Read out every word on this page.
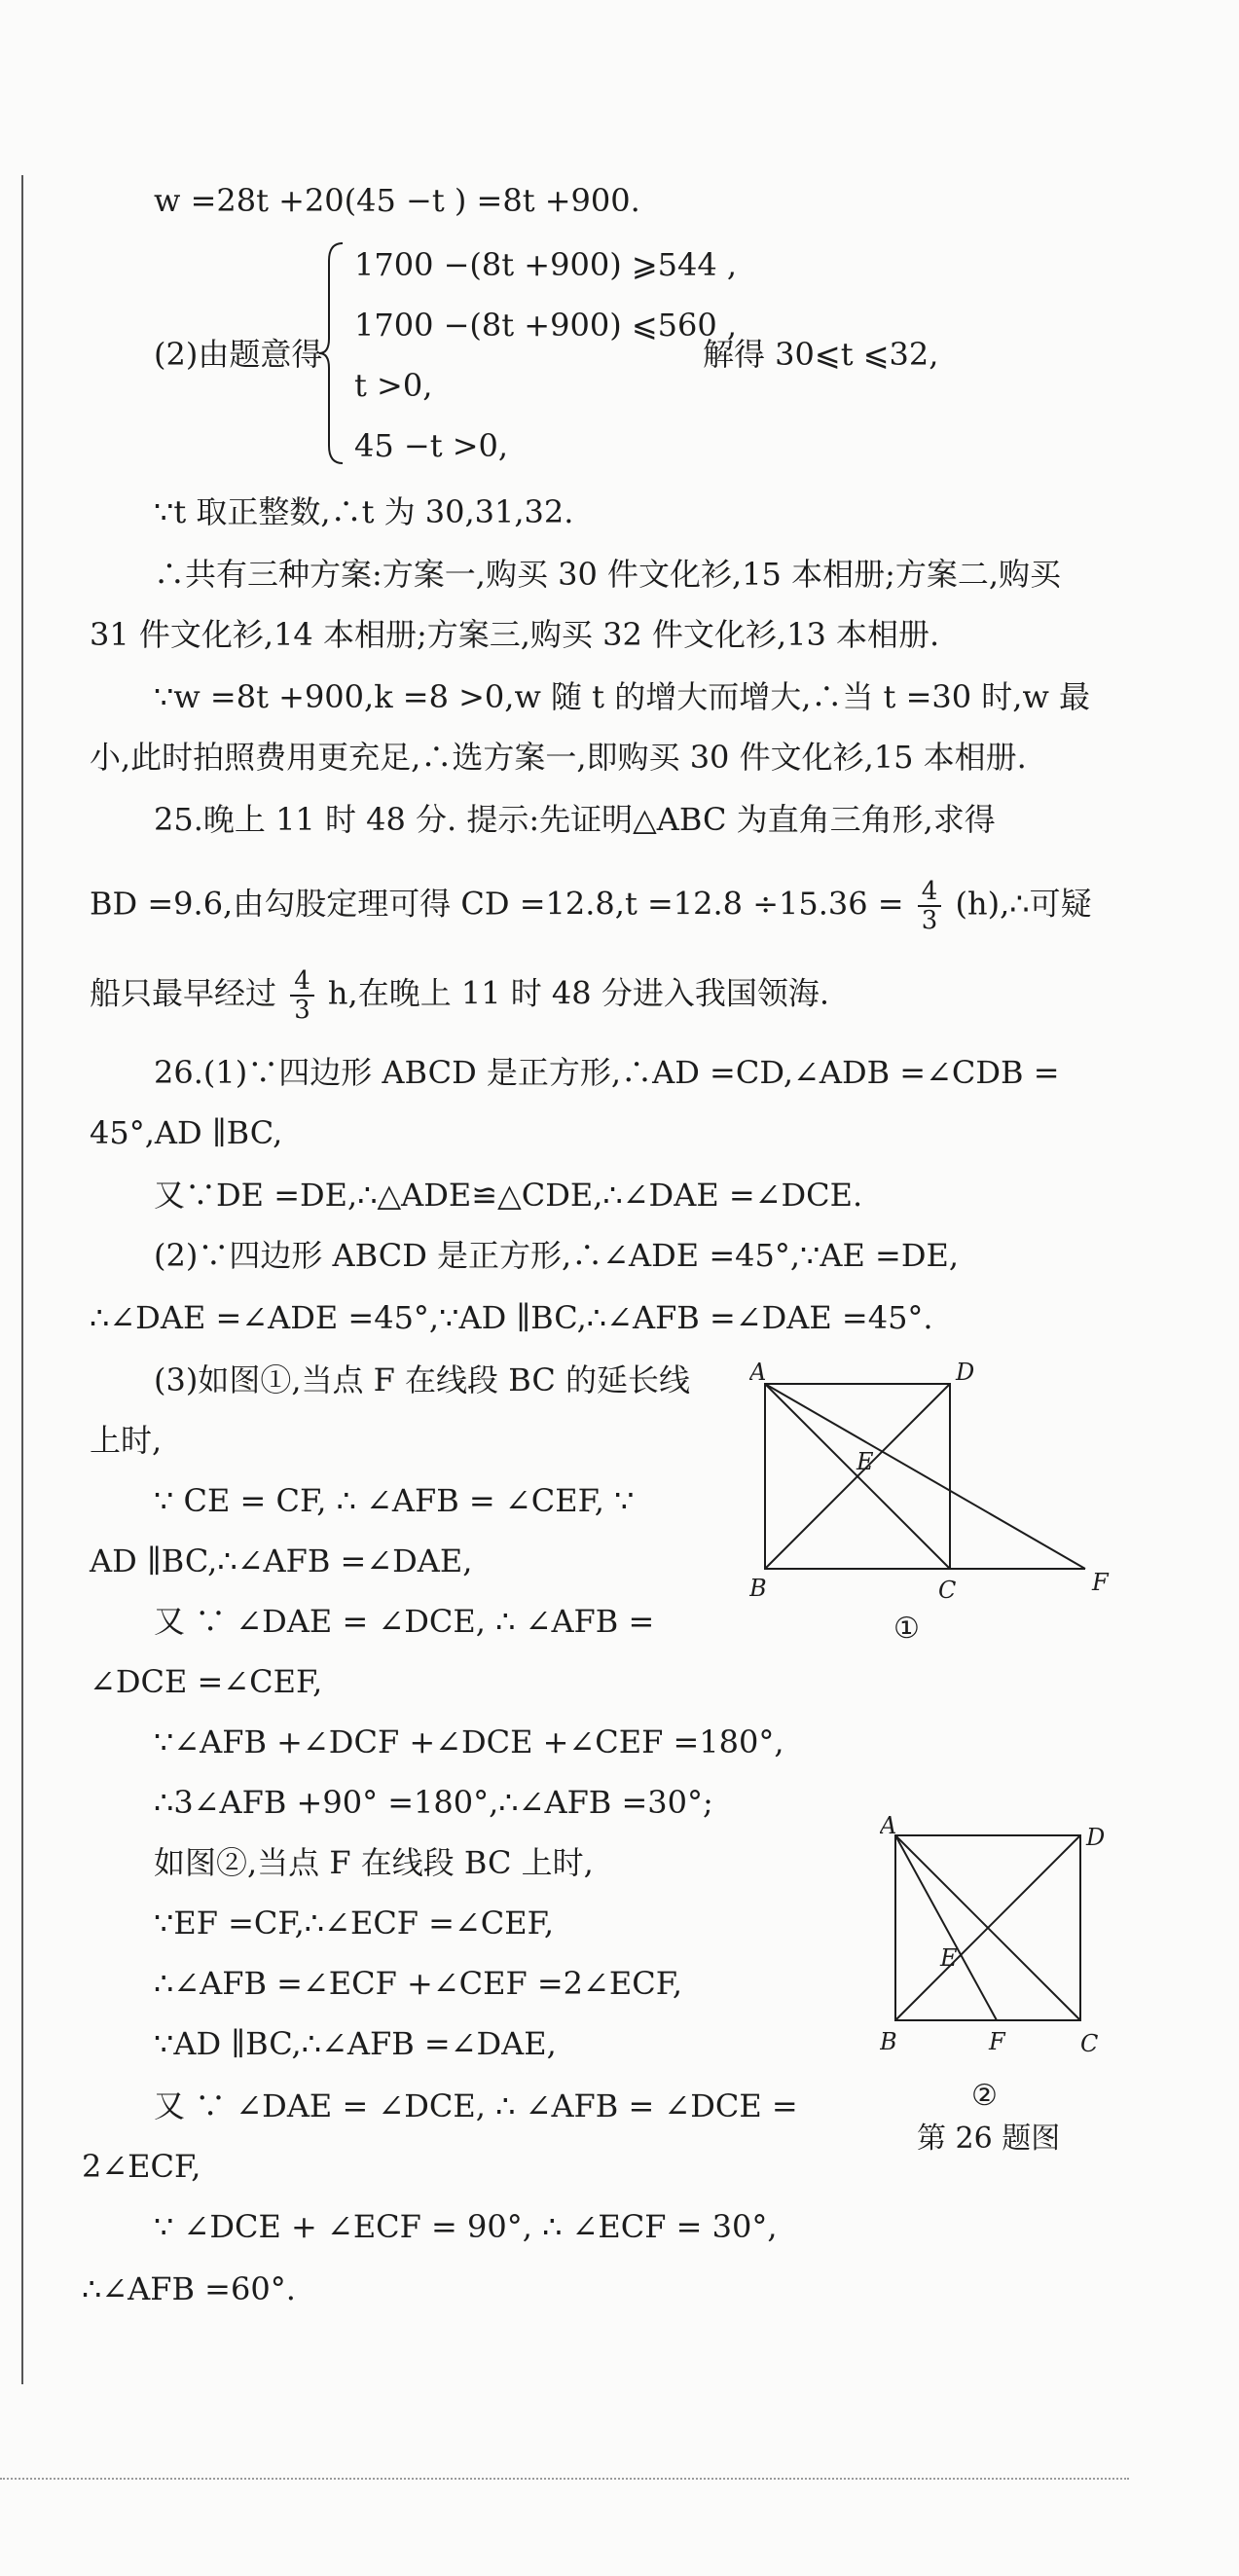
w =28t +20(45 −t ) =8t +900.
1700 −(8t +900) ⩾544 ,
1700 −(8t +900) ⩽560 ,
(2)由题意得	解得 30⩽t ⩽32,
t >0,
45 −t >0,
∵t 取正整数,∴t 为 30,31,32.
∴共有三种方案:方案一,购买 30 件文化衫,15 本相册;方案二,购买
31 件文化衫,14 本相册;方案三,购买 32 件文化衫,13 本相册.
∵w =8t +900,k =8 >0,w 随 t 的增大而增大,∴当 t =30 时,w 最
小,此时拍照费用更充足,∴选方案一,即购买 30 件文化衫,15 本相册.
25.晚上 11 时 48 分. 提示:先证明△ABC 为直角三角形,求得
BD =9.6,由勾股定理可得 CD $=12.8,t =12.8 \div 15.36 = \frac{4}{3}$ (h),∴可疑
船只最早经过 $\frac{4}{3} h$,在晚上 11 时 48 分进入我国领海.
26.(1)∵四边形 ABCD 是正方形,∴AD =CD,∠ADB =∠CDB =
45°,AD ∥BC,
又∵DE =DE,∴△ADE≌△CDE,∴∠DAE =∠DCE.
(2)∵四边形 ABCD 是正方形,∴∠ADE =45°,∵AE =DE,
∴∠DAE =∠ADE =45°,∵AD ∥BC,∴∠AFB =∠DAE =45°.
(3)如图①,当点 F 在线段 BC 的延长线
上时,
∵ CE = CF, ∴ ∠AFB = ∠CEF, ∵
AD ∥BC,∴∠AFB =∠DAE,
又 ∵ ∠DAE = ∠DCE, ∴ ∠AFB =
∠DCE =∠CEF,
∵∠AFB +∠DCF +∠DCE +∠CEF =180°,
∴3∠AFB +90° =180°,∴∠AFB =30°;
如图②,当点 F 在线段 BC 上时,
∵EF =CF,∴∠ECF =∠CEF,
∴∠AFB =∠ECF +∠CEF =2∠ECF,
∵AD ∥BC,∴∠AFB =∠DAE,
又 ∵ ∠DAE = ∠DCE, ∴ ∠AFB = ∠DCE =
2∠ECF,
∵ ∠DCE + ∠ECF = 90°, ∴ ∠ECF = 30°,
∴∠AFB =60°.
A	D
E
B	C	F
①
A	D
E
B	F	C
②
第 26 题图
